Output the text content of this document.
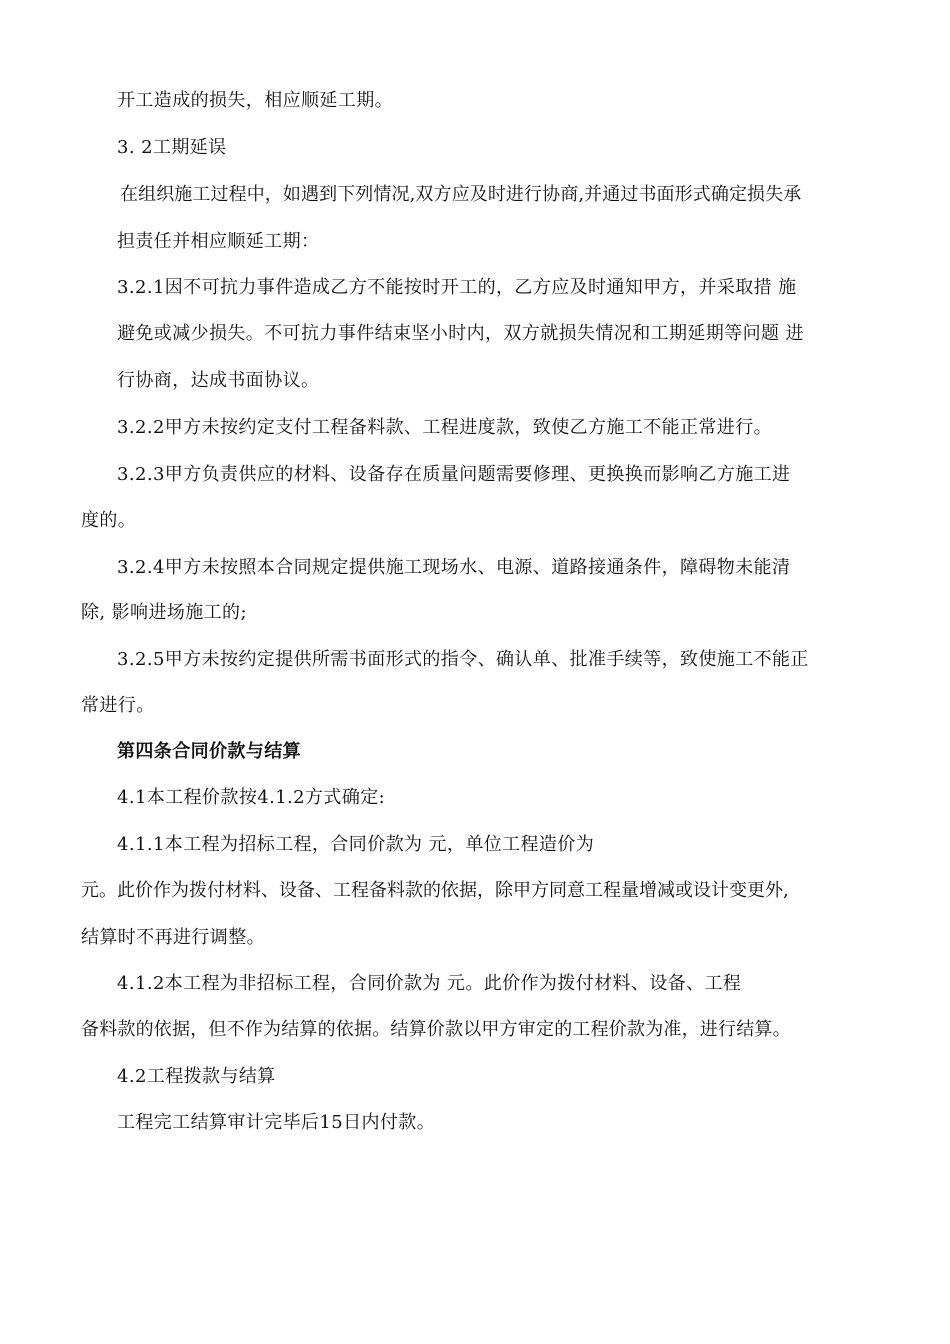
开工造成的损失，相应顺延工期。
3. 2工期延误
在组织施工过程中，如遇到下列情况,双方应及时进行协商,并通过书面形式确定损失承
担责任并相应顺延工期：
3.2.1因不可抗力事件造成乙方不能按时开工的，乙方应及时通知甲方，并采取措 施
避免或减少损失。不可抗力事件结束坚小时内，双方就损失情况和工期延期等问题 进
行协商，达成书面协议。
3.2.2甲方未按约定支付工程备料款、工程进度款，致使乙方施工不能正常进行。
3.2.3甲方负责供应的材料、设备存在质量问题需要修理、更换换而影响乙方施工进
度的。
3.2.4甲方未按照本合同规定提供施工现场水、电源、道路接通条件，障碍物未能清
除, 影响进场施工的;
3.2.5甲方未按约定提供所需书面形式的指令、确认单、批准手续等，致使施工不能正
常进行。
第四条合同价款与结算
4.1本工程价款按4.1.2方式确定:
4.1.1本工程为招标工程，合同价款为 元，单位工程造价为
元。此价作为拨付材料、设备、工程备料款的依据，除甲方同意工程量增减或设计变更外,
结算时不再进行调整。
4.1.2本工程为非招标工程，合同价款为 元。此价作为拨付材料、设备、工程
备料款的依据，但不作为结算的依据。结算价款以甲方审定的工程价款为准，进行结算。
4.2工程拨款与结算
工程完工结算审计完毕后15日内付款。
